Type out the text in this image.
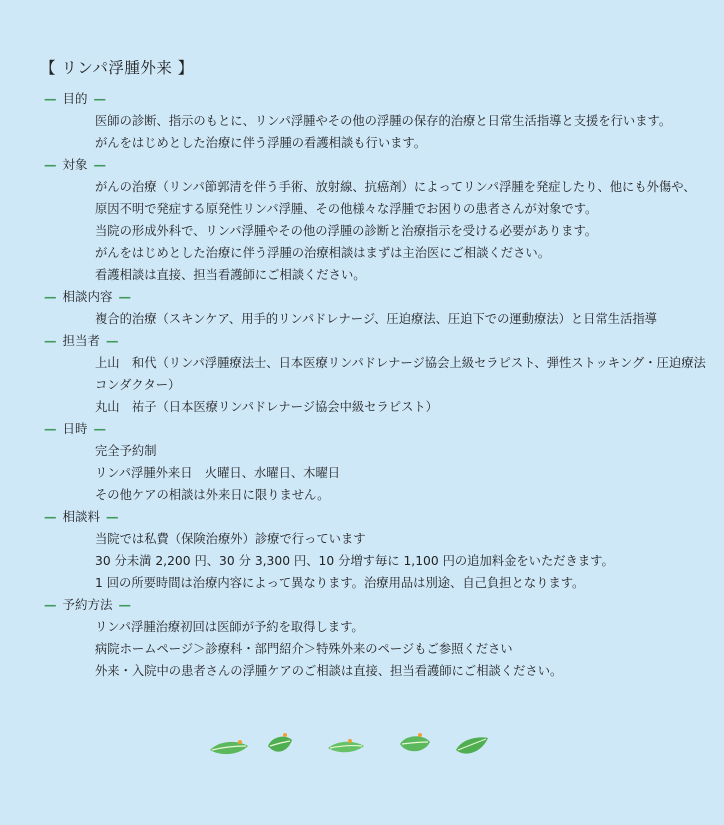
【 リンパ浮腫外来 】
— 目的 —
医師の診断、指示のもとに、リンパ浮腫やその他の浮腫の保存的治療と日常生活指導と支援を行います。
がんをはじめとした治療に伴う浮腫の看護相談も行います。
— 対象 —
がんの治療（リンパ節郭清を伴う手術、放射線、抗癌剤）によってリンパ浮腫を発症したり、他にも外傷や、
原因不明で発症する原発性リンパ浮腫、その他様々な浮腫でお困りの患者さんが対象です。
当院の形成外科で、リンパ浮腫やその他の浮腫の診断と治療指示を受ける必要があります。
がんをはじめとした治療に伴う浮腫の治療相談はまずは主治医にご相談ください。
看護相談は直接、担当看護師にご相談ください。
— 相談内容 —
複合的治療（スキンケア、用手的リンパドレナージ、圧迫療法、圧迫下での運動療法）と日常生活指導
— 担当者 —
上山　和代（リンパ浮腫療法士、日本医療リンパドレナージ協会上級セラピスト、弾性ストッキング・圧迫療法
コンダクター）
丸山　祐子（日本医療リンパドレナージ協会中級セラピスト）
— 日時 —
完全予約制
リンパ浮腫外来日　火曜日、水曜日、木曜日
その他ケアの相談は外来日に限りません。
— 相談料 —
当院では私費（保険治療外）診療で行っています
30 分未満 2,200 円、30 分 3,300 円、10 分増す毎に 1,100 円の追加料金をいただきます。
1 回の所要時間は治療内容によって異なります。治療用品は別途、自己負担となります。
— 予約方法 —
リンパ浮腫治療初回は医師が予約を取得します。
病院ホームページ＞診療科・部門紹介＞特殊外来のページもご参照ください
外来・入院中の患者さんの浮腫ケアのご相談は直接、担当看護師にご相談ください。
